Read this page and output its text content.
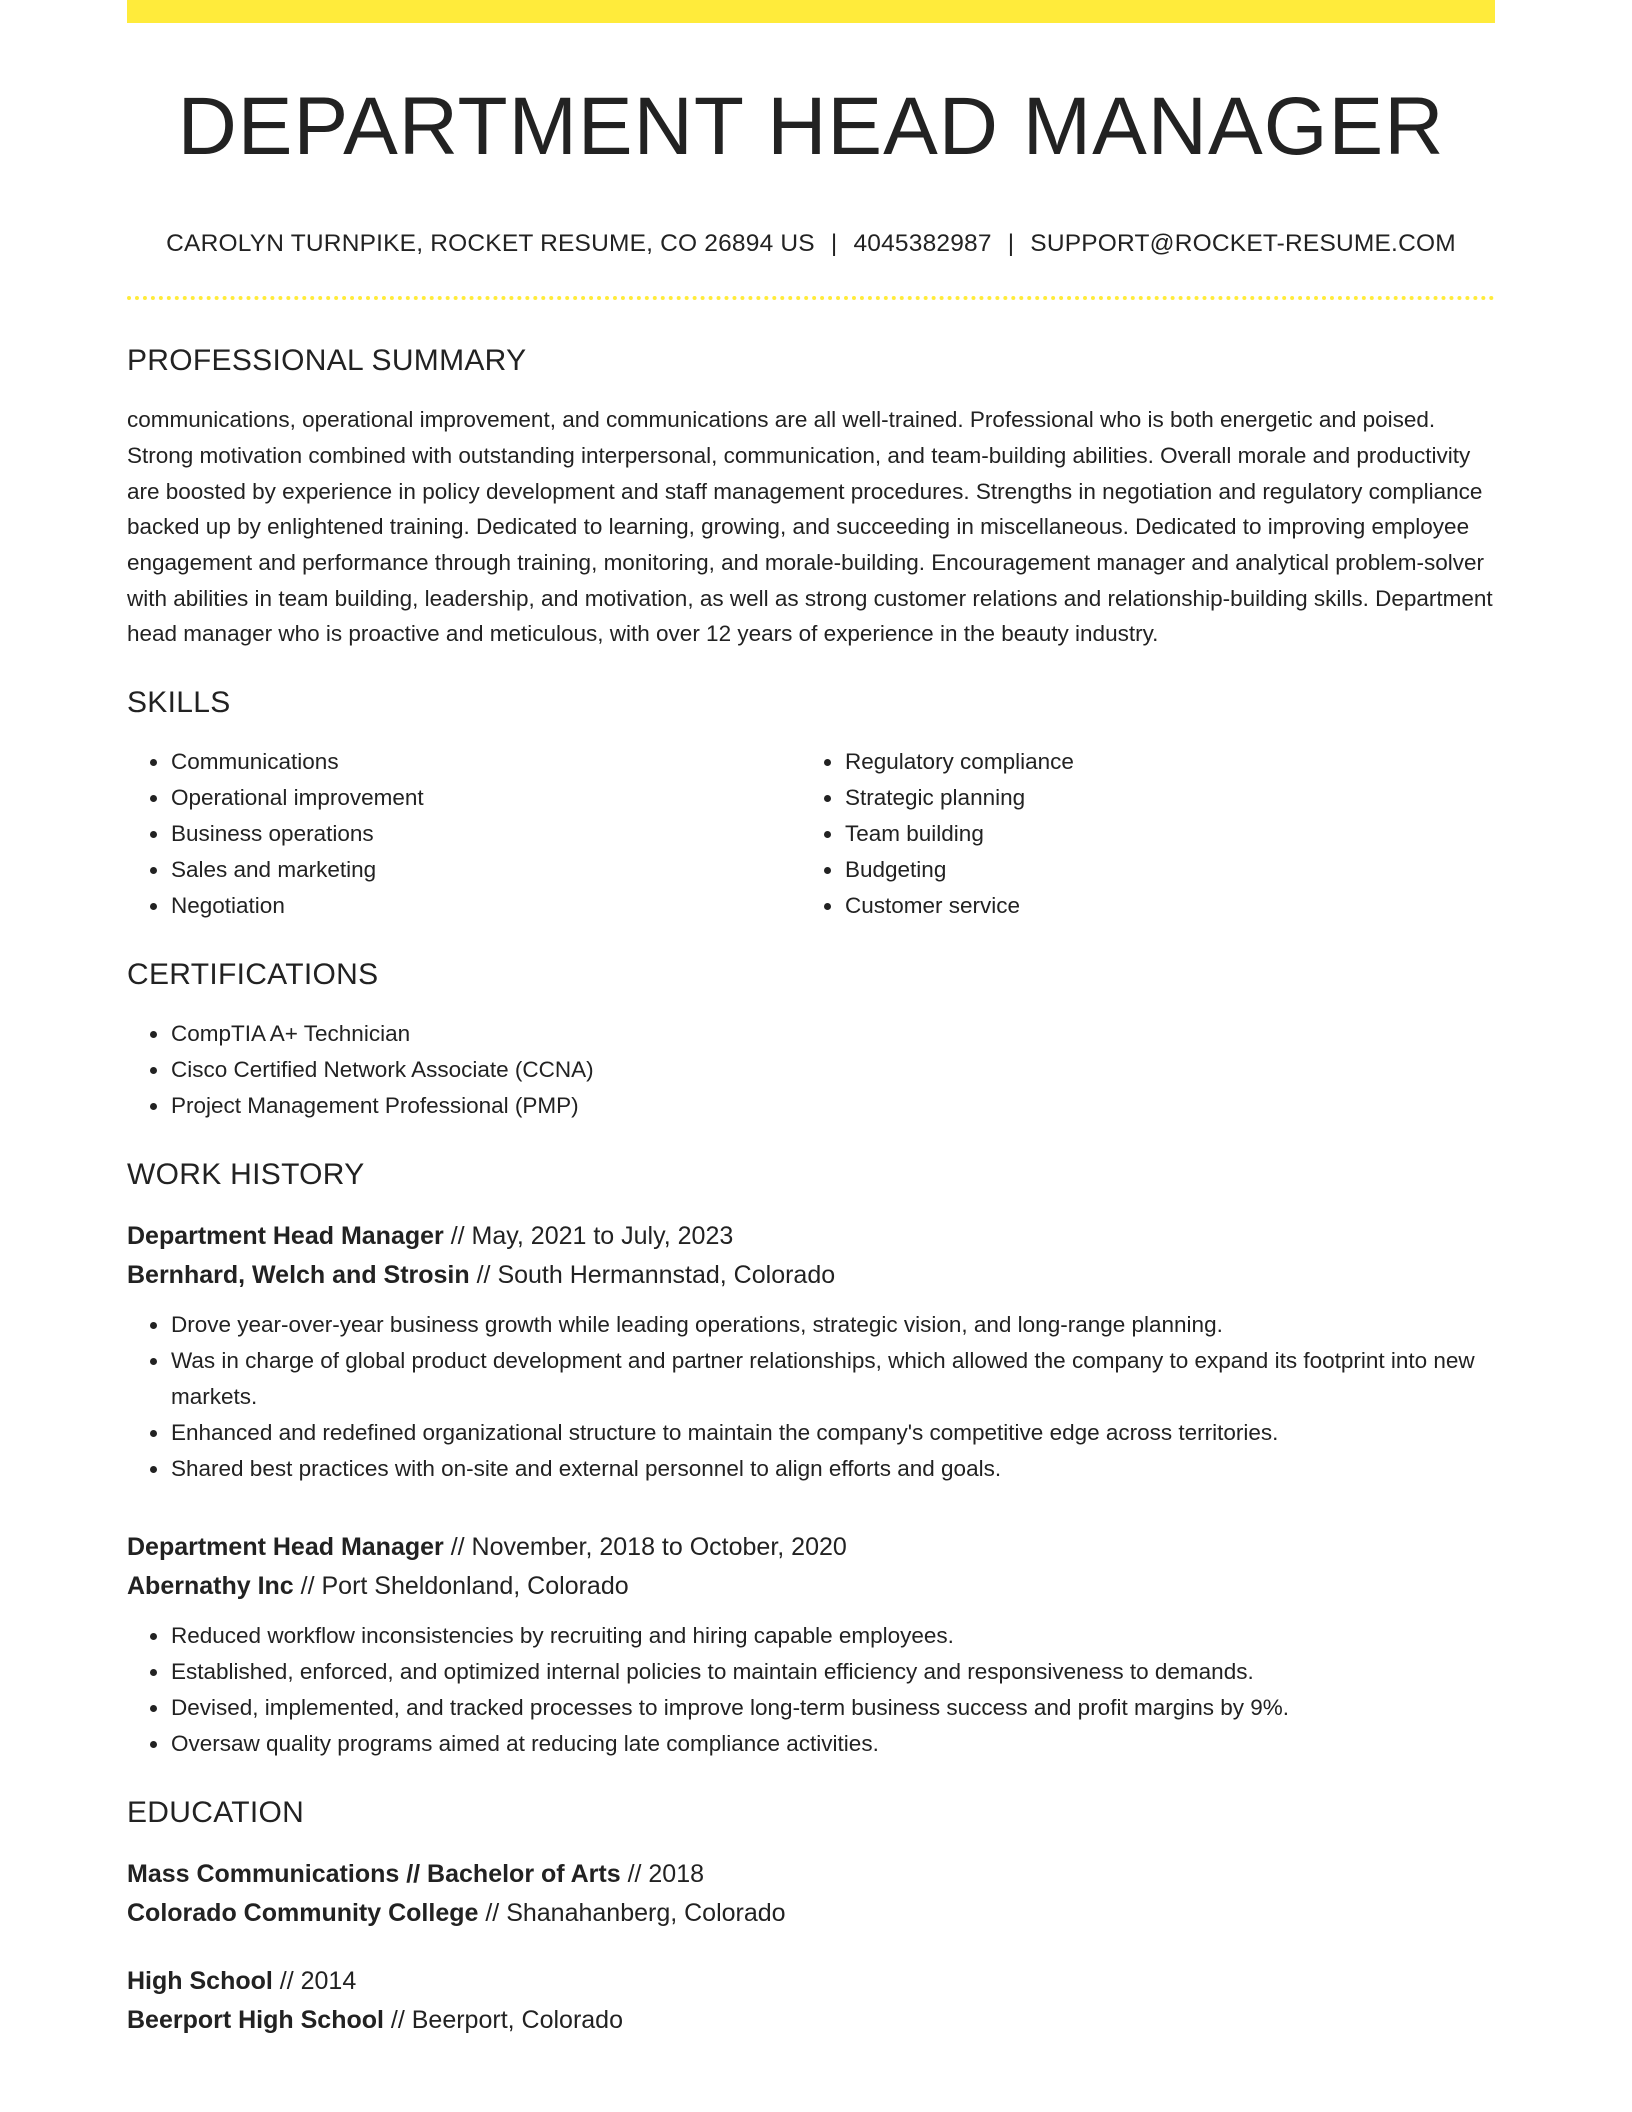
DEPARTMENT HEAD MANAGER
CAROLYN TURNPIKE, ROCKET RESUME, CO 26894 US | 4045382987 | SUPPORT@ROCKET-RESUME.COM
PROFESSIONAL SUMMARY

communications, operational improvement, and communications are all well-trained. Professional who is both energetic and poised. Strong motivation combined with outstanding interpersonal, communication, and team-building abilities. Overall morale and productivity are boosted by experience in policy development and staff management procedures. Strengths in negotiation and regulatory compliance backed up by enlightened training. Dedicated to learning, growing, and succeeding in miscellaneous. Dedicated to improving employee engagement and performance through training, monitoring, and morale-building. Encouragement manager and analytical problem-solver with abilities in team building, leadership, and motivation, as well as strong customer relations and relationship-building skills. Department head manager who is proactive and meticulous, with over 12 years of experience in the beauty industry.

SKILLS
• Communications
• Operational improvement
• Business operations
• Sales and marketing
• Negotiation
• Regulatory compliance
• Strategic planning
• Team building
• Budgeting
• Customer service
CERTIFICATIONS
• CompTIA A+ Technician
• Cisco Certified Network Associate (CCNA)
• Project Management Professional (PMP)
WORK HISTORY
Department Head Manager // May, 2021 to July, 2023
Bernhard, Welch and Strosin // South Hermannstad, Colorado
• Drove year-over-year business growth while leading operations, strategic vision, and long-range planning.
• Was in charge of global product development and partner relationships, which allowed the company to expand its footprint into new markets.
• Enhanced and redefined organizational structure to maintain the company's competitive edge across territories.
• Shared best practices with on-site and external personnel to align efforts and goals.
Department Head Manager // November, 2018 to October, 2020
Abernathy Inc // Port Sheldonland, Colorado
• Reduced workflow inconsistencies by recruiting and hiring capable employees.
• Established, enforced, and optimized internal policies to maintain efficiency and responsiveness to demands.
• Devised, implemented, and tracked processes to improve long-term business success and profit margins by 9%.
• Oversaw quality programs aimed at reducing late compliance activities.
EDUCATION
Mass Communications // Bachelor of Arts // 2018
Colorado Community College // Shanahanberg, Colorado
High School // 2014
Beerport High School // Beerport, Colorado
